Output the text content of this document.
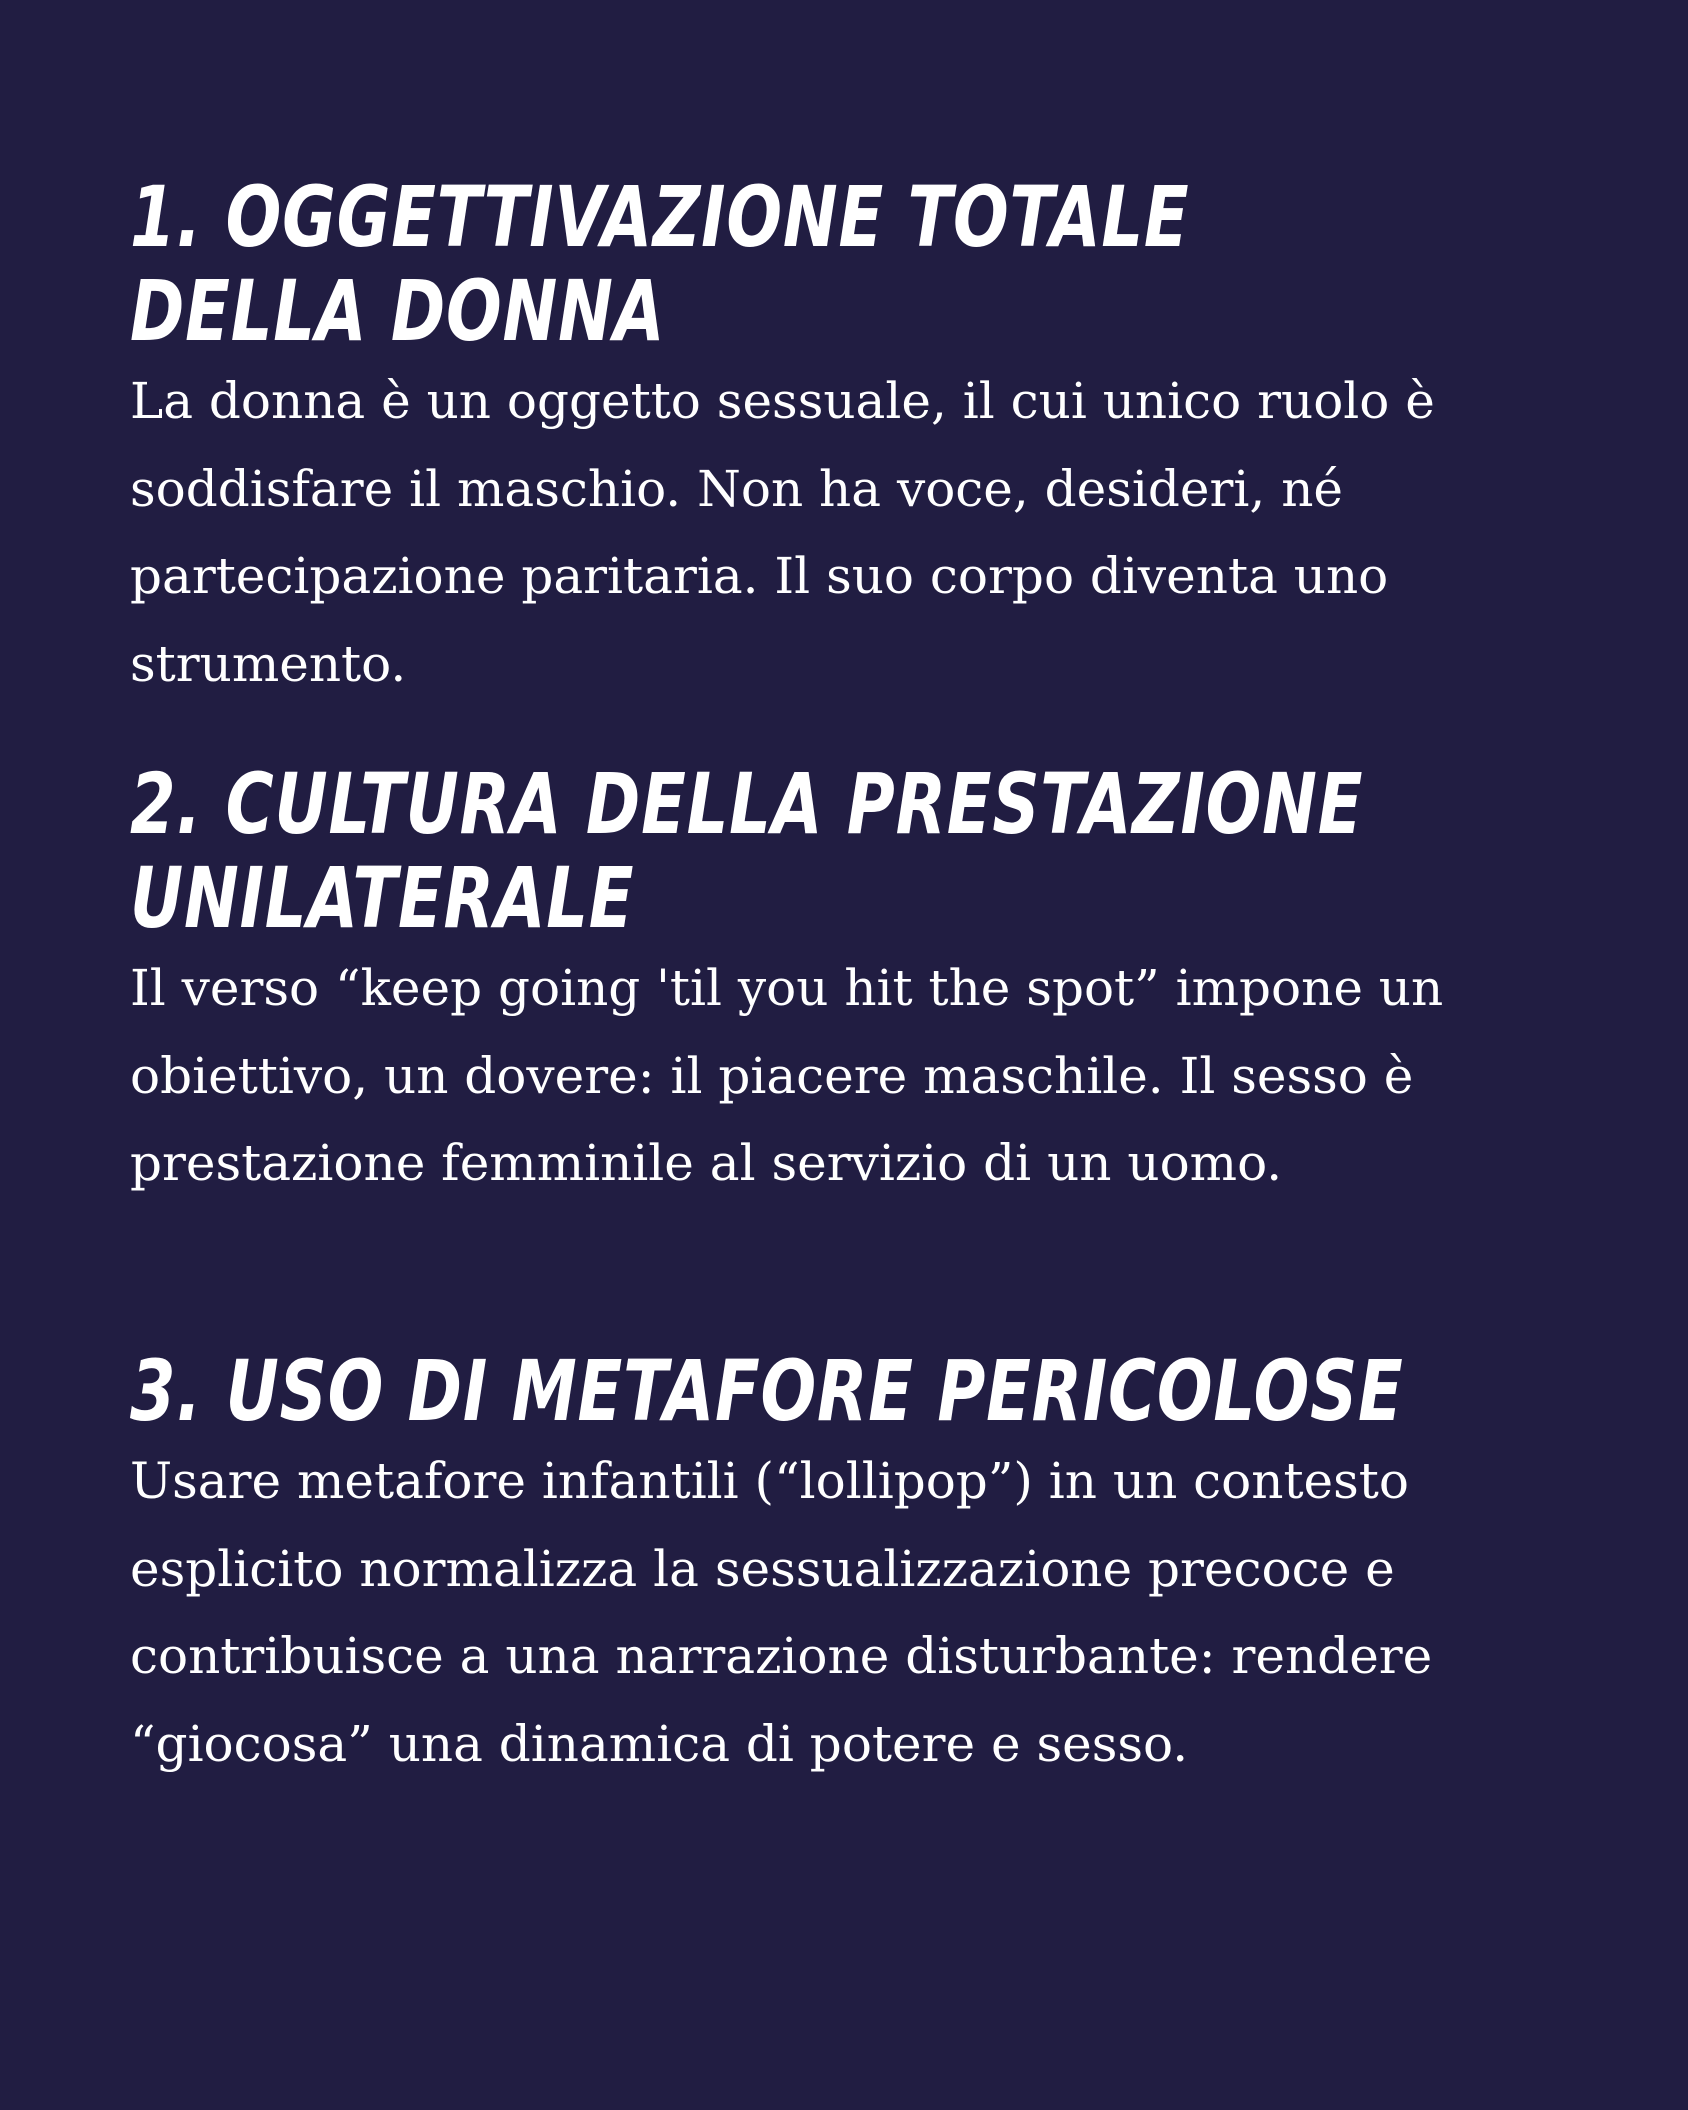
1. OGGETTIVAZIONE TOTALE DELLA DONNA

La donna è un oggetto sessuale, il cui unico ruolo è soddisfare il maschio. Non ha voce, desideri, né partecipazione paritaria. Il suo corpo diventa uno strumento.

2. CULTURA DELLA PRESTAZIONE UNILATERALE

Il verso “keep going 'til you hit the spot” impone un obiettivo, un dovere: il piacere maschile. Il sesso è prestazione femminile al servizio di un uomo.

3. USO DI METAFORE PERICOLOSE

Usare metafore infantili (“lollipop”) in un contesto esplicito normalizza la sessualizzazione precoce e contribuisce a una narrazione disturbante: rendere “giocosa” una dinamica di potere e sesso.
